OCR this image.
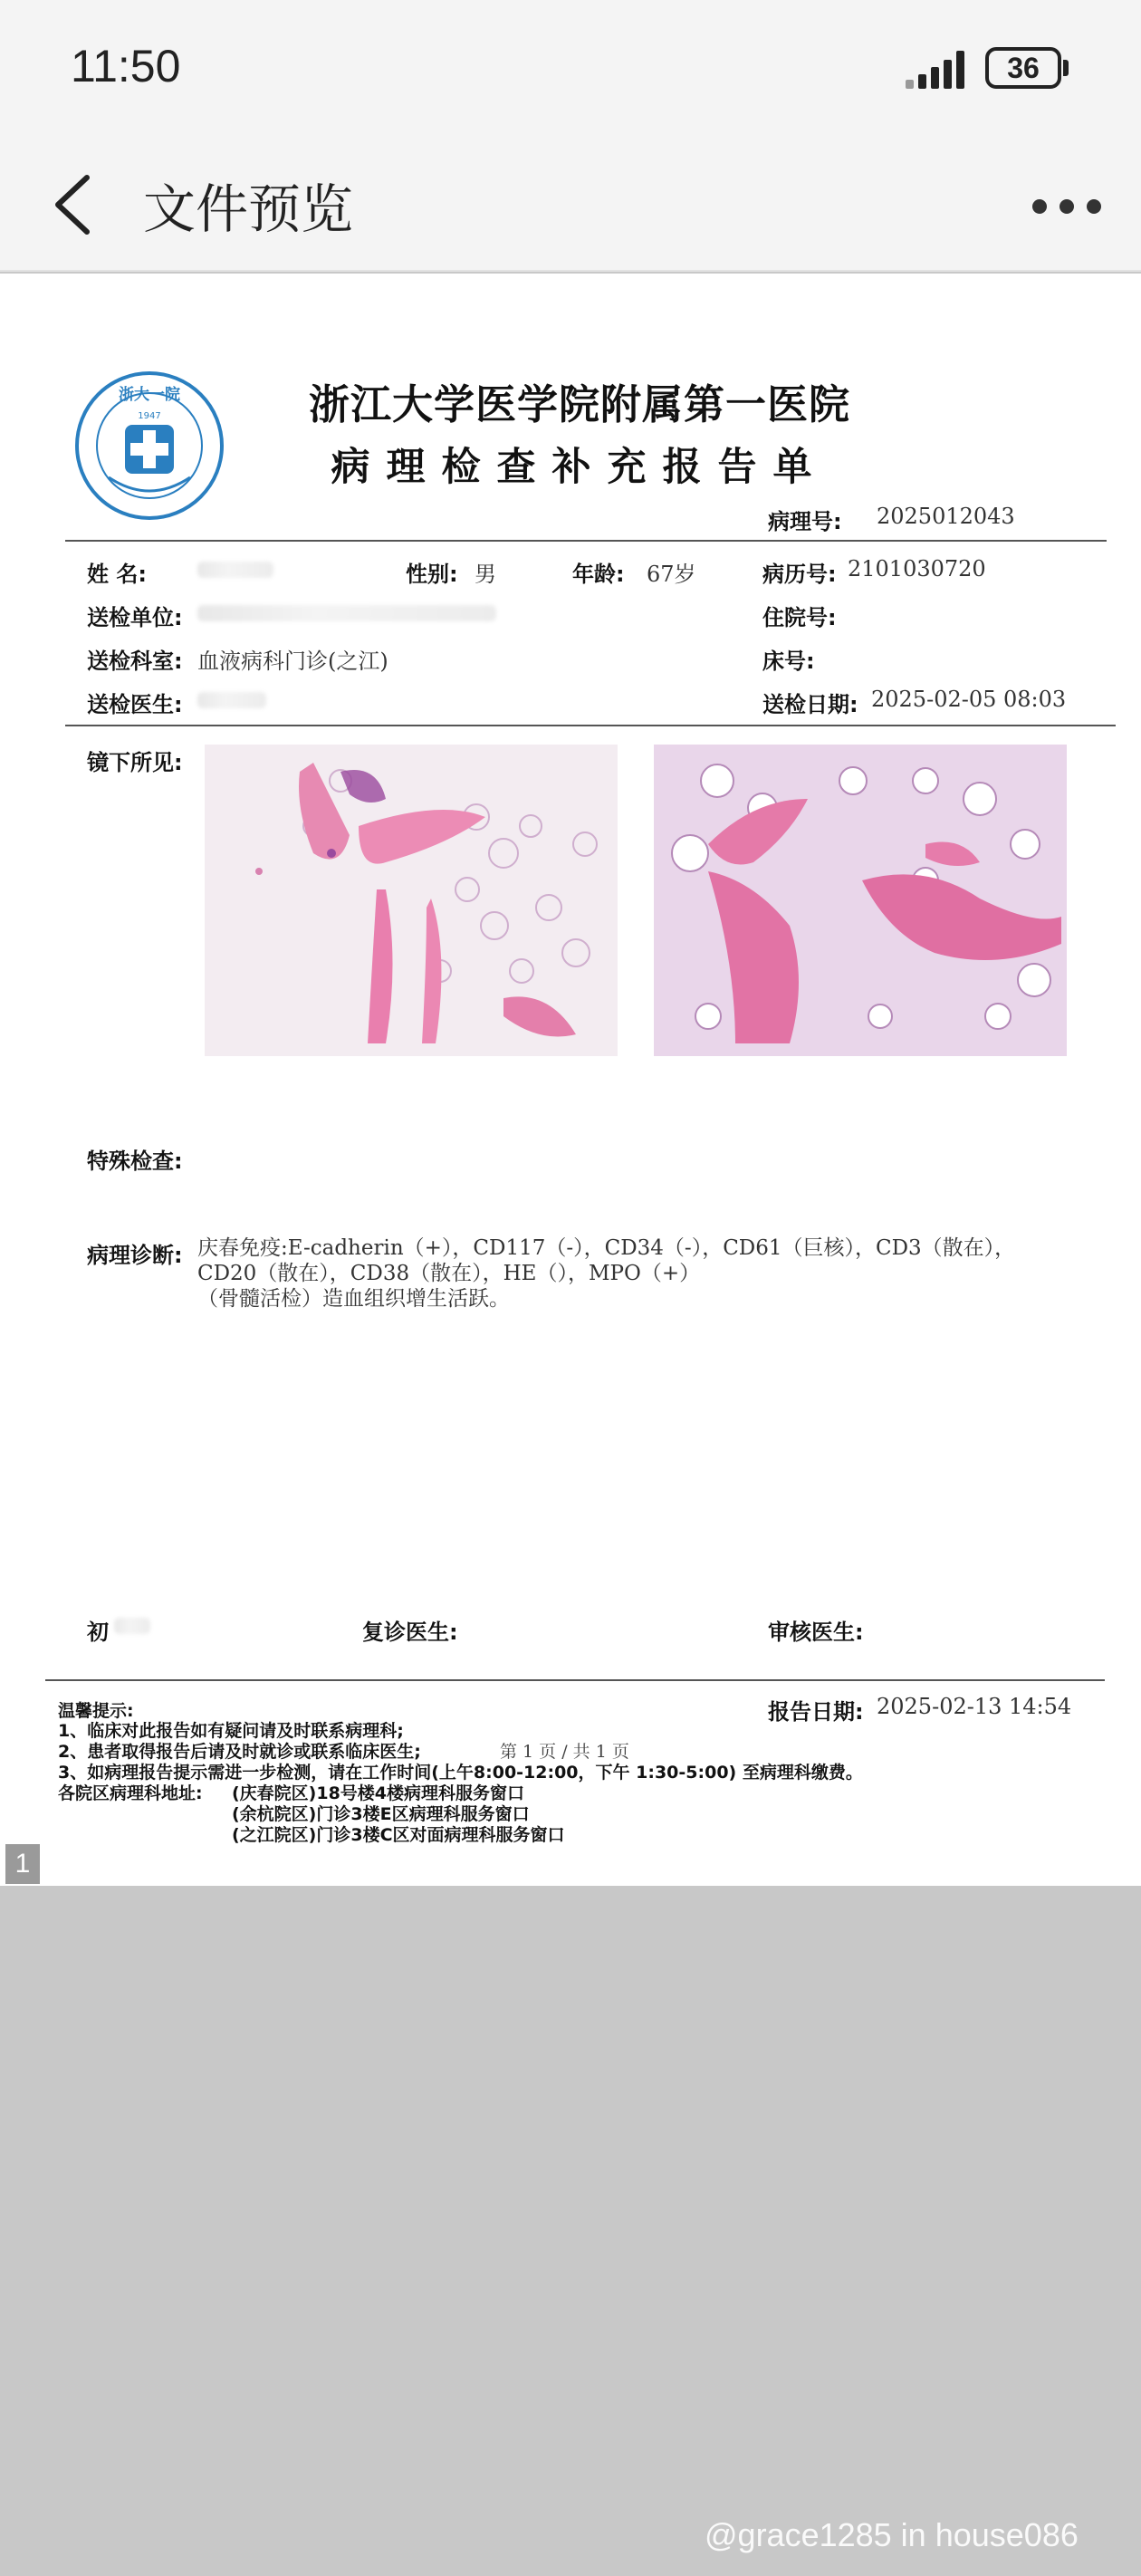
11:50	36
文件预览
浙大一院
1947	浙江大学医学院附属第一医院
病理检查补充报告单
病理号: 2025012043
姓 名:	性别: 男	年龄: 67岁	病历号: 2101030720
送检单位:	住院号:
送检科室: 血液病科门诊(之江)	床号:
送检医生:	送检日期: 2025-02-05 08:03
镜下所见:
特殊检查:
病理诊断: 庆春免疫:E-cadherin（+），CD117（-），CD34（-），CD61（巨核），CD3（散在），
CD20（散在），CD38（散在），HE（），MPO（+）
（骨髓活检）造血组织增生活跃。
初	复诊医生:	审核医生:
温馨提示:	报告日期: 2025-02-13 14:54
1、临床对此报告如有疑问请及时联系病理科;
2、患者取得报告后请及时就诊或联系临床医生;	第 1 页 / 共 1 页
3、如病理报告提示需进一步检测，请在工作时间(上午8:00-12:00，下午 1:30-5:00) 至病理科缴费。
各院区病理科地址: (庆春院区)18号楼4楼病理科服务窗口
(余杭院区)门诊3楼E区病理科服务窗口
(之江院区)门诊3楼C区对面病理科服务窗口
1
@grace1285 in house086
